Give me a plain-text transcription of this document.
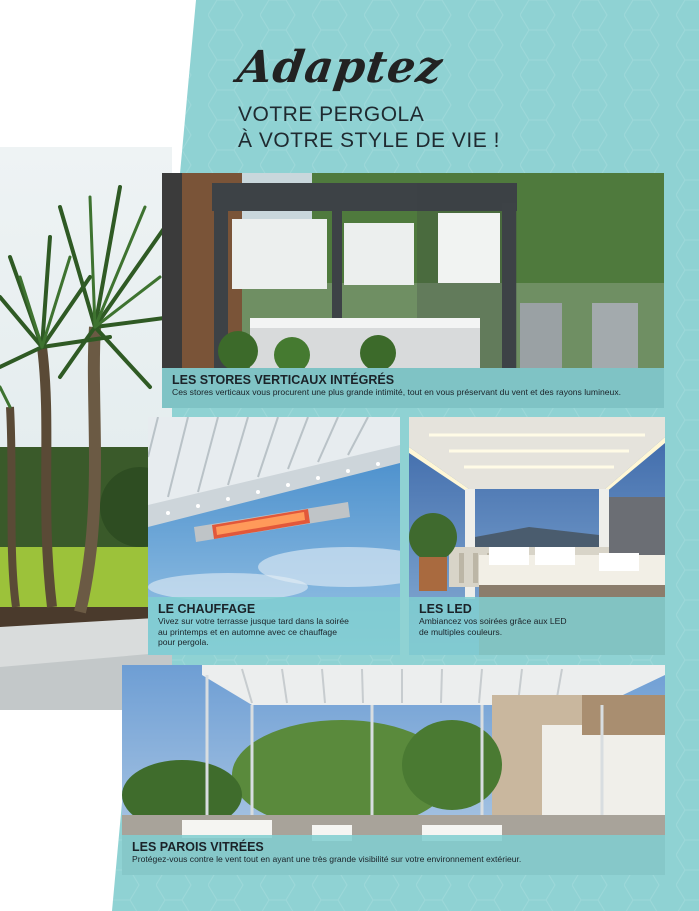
Adaptez
VOTRE PERGOLA
À VOTRE STYLE DE VIE !
LES STORES VERTICAUX INTÉGRÉS
Ces stores verticaux vous procurent une plus grande intimité, tout en vous préservant du vent et des rayons lumineux.
LE CHAUFFAGE
Vivez sur votre terrasse jusque tard dans la soirée
au printemps et en automne avec ce chauffage
pour pergola.
LES LED
Ambiancez vos soirées grâce aux LED
de multiples couleurs.
LES PAROIS VITRÉES
Protégez-vous contre le vent tout en ayant une très grande visibilité sur votre environnement extérieur.
